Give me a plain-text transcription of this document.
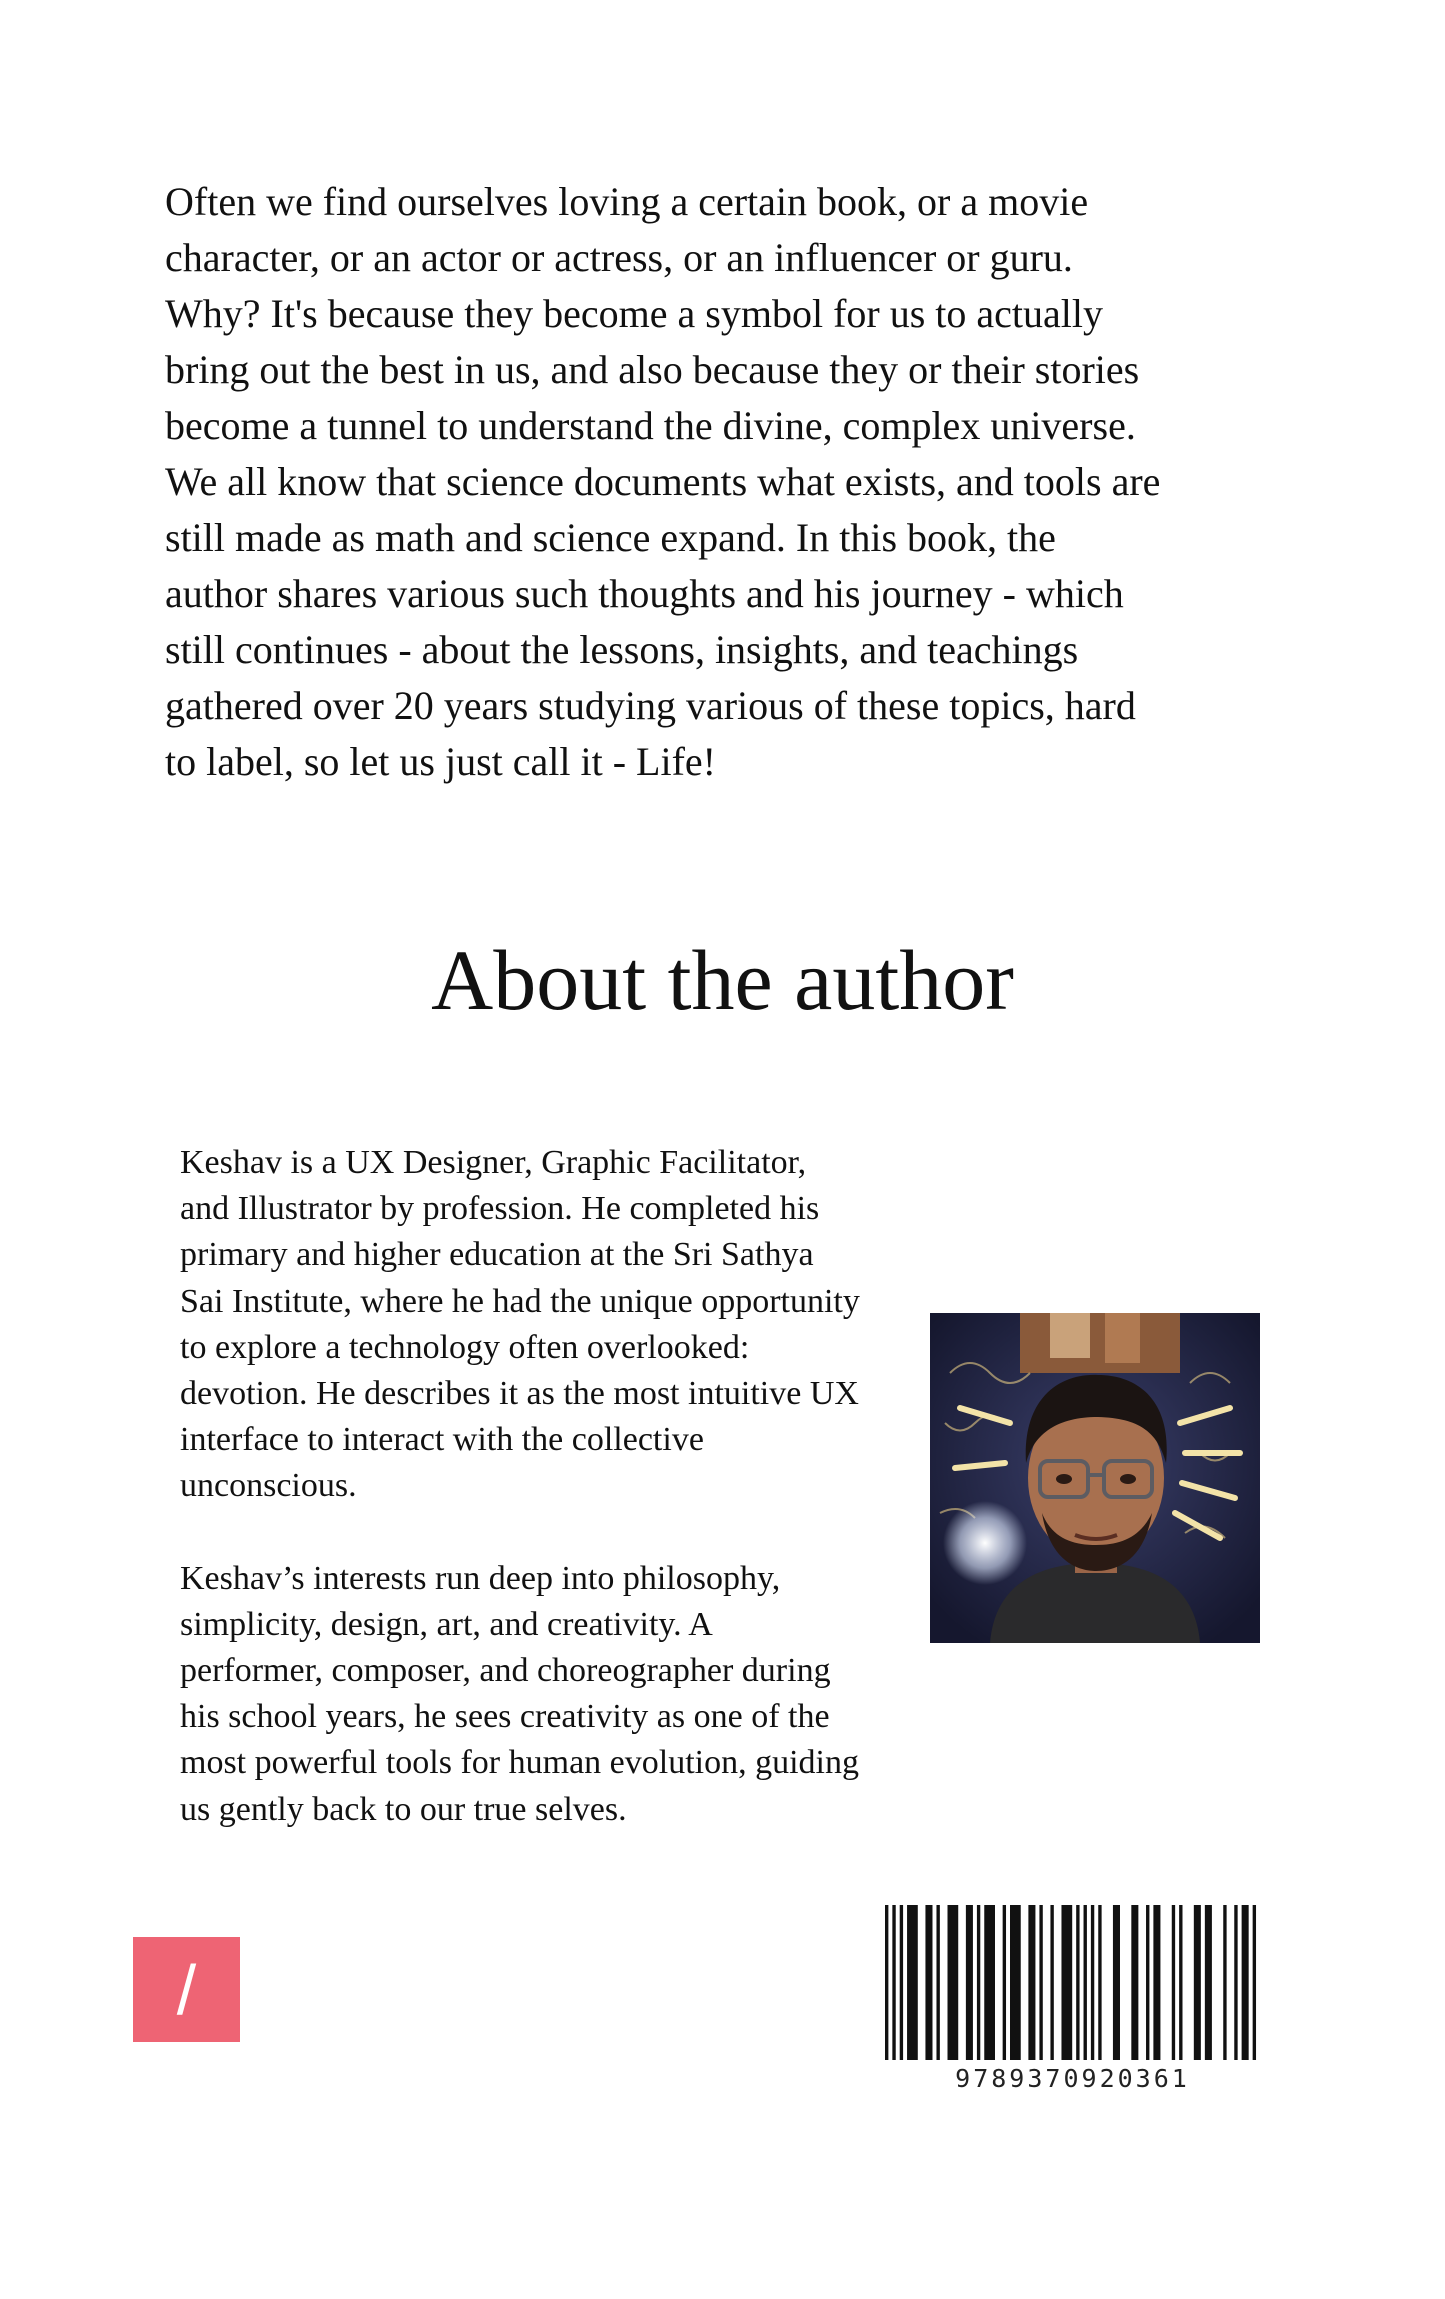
Often we find ourselves loving a certain book, or a movie
character, or an actor or actress, or an influencer or guru.
Why? It's because they become a symbol for us to actually
bring out the best in us, and also because they or their stories
become a tunnel to understand the divine, complex universe.
We all know that science documents what exists, and tools are
still made as math and science expand. In this book, the
author shares various such thoughts and his journey - which
still continues - about the lessons, insights, and teachings
gathered over 20 years studying various of these topics, hard
to label, so let us just call it - Life!

About the author

Keshav is a UX Designer, Graphic Facilitator,
and Illustrator by profession. He completed his
primary and higher education at the Sri Sathya
Sai Institute, where he had the unique opportunity
to explore a technology often overlooked:
devotion. He describes it as the most intuitive UX
interface to interact with the collective
unconscious.

Keshav’s interests run deep into philosophy,
simplicity, design, art, and creativity. A
performer, composer, and choreographer during
his school years, he sees creativity as one of the
most powerful tools for human evolution, guiding
us gently back to our true selves.

/
9789370920361
